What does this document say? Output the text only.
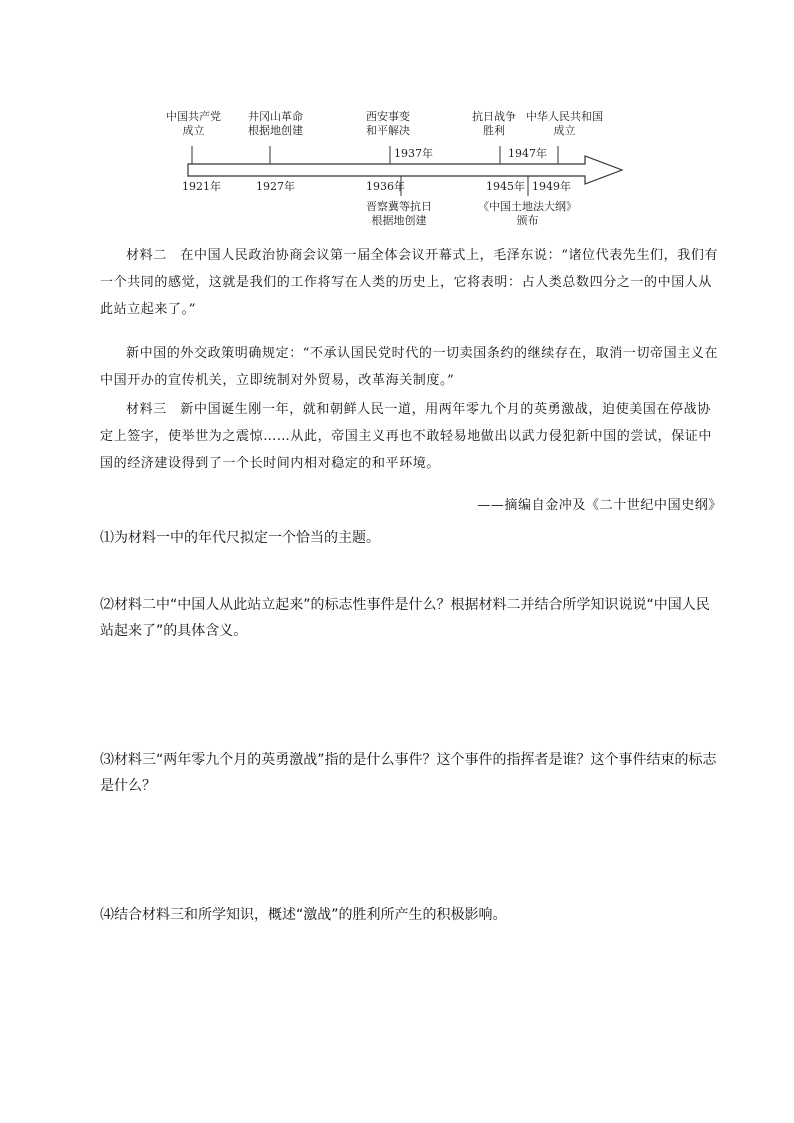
中国共产党
成立
井冈山革命
根据地创建
西安事变
和平解决
抗日战争
胜利
中华人民共和国
成立
1937年	1947年
1921年	1927年	1936年	1945年 1949年
晋察冀等抗日
根据地创建
《中国土地法大纲》
颁布
材料二　在中国人民政治协商会议第一届全体会议开幕式上，毛泽东说：“诸位代表先生们，我们有一个共同的感觉，这就是我们的工作将写在人类的历史上，它将表明：占人类总数四分之一的中国人从此站立起来了。”
新中国的外交政策明确规定：“不承认国民党时代的一切卖国条约的继续存在，取消一切帝国主义在中国开办的宣传机关，立即统制对外贸易，改革海关制度。”
材料三　新中国诞生刚一年，就和朝鲜人民一道，用两年零九个月的英勇激战，迫使美国在停战协定上签字，使举世为之震惊……从此，帝国主义再也不敢轻易地做出以武力侵犯新中国的尝试，保证中国的经济建设得到了一个长时间内相对稳定的和平环境。
——摘编自金冲及《二十世纪中国史纲》
⑴为材料一中的年代尺拟定一个恰当的主题。
⑵材料二中“中国人从此站立起来”的标志性事件是什么？根据材料二并结合所学知识说说“中国人民站起来了”的具体含义。
⑶材料三“两年零九个月的英勇激战”指的是什么事件？这个事件的指挥者是谁？这个事件结束的标志是什么？
⑷结合材料三和所学知识，概述“激战”的胜利所产生的积极影响。
